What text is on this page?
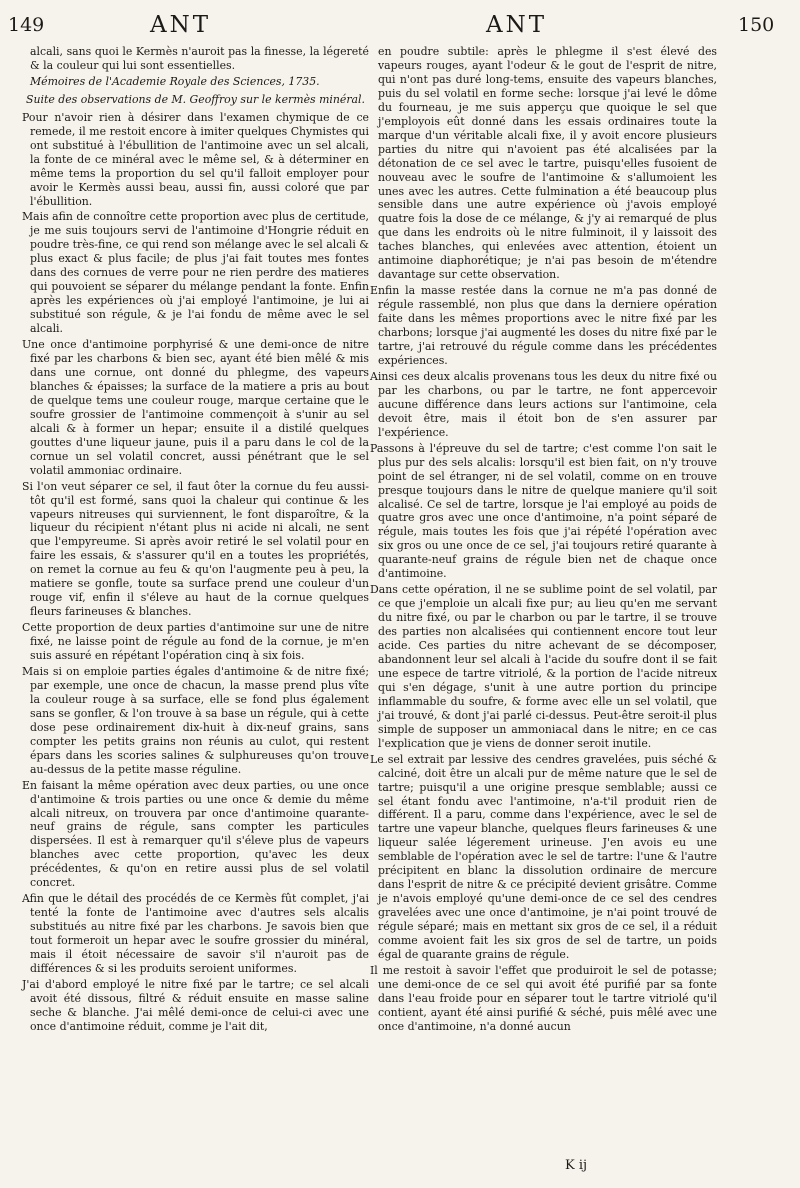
149	ANT	ANT	150

alcali, sans quoi le Kermès n'auroit pas la finesse, la légereté & la couleur qui lui sont essentielles.

Mémoires de l'Academie Royale des Sciences, 1735.

Suite des observations de M. Geoffroy sur le kermès minéral.

Pour n'avoir rien à désirer dans l'examen chymique de ce remede, il me restoit encore à imiter quelques Chymistes qui ont substitué à l'ébullition de l'antimoine avec un sel alcali, la fonte de ce minéral avec le même sel, & à déterminer en même tems la proportion du sel qu'il falloit employer pour avoir le Kermès aussi beau, aussi fin, aussi coloré que par l'ébullition.

Mais afin de connoître cette proportion avec plus de certitude, je me suis toujours servi de l'antimoine d'Hongrie réduit en poudre très-fine, ce qui rend son mélange avec le sel alcali & plus exact & plus facile; de plus j'ai fait toutes mes fontes dans des cornues de verre pour ne rien perdre des matieres qui pouvoient se séparer du mélange pendant la fonte. Enfin après les expériences où j'ai employé l'antimoine, je lui ai substitué son régule, & je l'ai fondu de même avec le sel alcali.

Une once d'antimoine porphyrisé & une demi-once de nitre fixé par les charbons & bien sec, ayant été bien mêlé & mis dans une cornue, ont donné du phlegme, des vapeurs blanches & épaisses; la surface de la matiere a pris au bout de quelque tems une couleur rouge, marque certaine que le soufre grossier de l'antimoine commençoit à s'unir au sel alcali & à former un hepar; ensuite il a distilé quelques gouttes d'une liqueur jaune, puis il a paru dans le col de la cornue un sel volatil concret, aussi pénétrant que le sel volatil ammoniac ordinaire.

Si l'on veut séparer ce sel, il faut ôter la cornue du feu aussi-tôt qu'il est formé, sans quoi la chaleur qui continue & les vapeurs nitreuses qui surviennent, le font disparoître, & la liqueur du récipient n'étant plus ni acide ni alcali, ne sent que l'empyreume. Si après avoir retiré le sel volatil pour en faire les essais, & s'assurer qu'il en a toutes les propriétés, on remet la cornue au feu & qu'on l'augmente peu à peu, la matiere se gonfle, toute sa surface prend une couleur d'un rouge vif, enfin il s'éleve au haut de la cornue quelques fleurs farineuses & blanches.

Cette proportion de deux parties d'antimoine sur une de nitre fixé, ne laisse point de régule au fond de la cornue, je m'en suis assuré en répétant l'opération cinq à six fois.

Mais si on emploie parties égales d'antimoine & de nitre fixé; par exemple, une once de chacun, la masse prend plus vîte la couleur rouge à sa surface, elle se fond plus également sans se gonfler, & l'on trouve à sa base un régule, qui à cette dose pese ordinairement dix-huit à dix-neuf grains, sans compter les petits grains non réunis au culot, qui restent épars dans les scories salines & sulphureuses qu'on trouve au-dessus de la petite masse réguline.

En faisant la même opération avec deux parties, ou une once d'antimoine & trois parties ou une once & demie du même alcali nitreux, on trouvera par once d'antimoine quarante-neuf grains de régule, sans compter les particules dispersées. Il est à remarquer qu'il s'éleve plus de vapeurs blanches avec cette proportion, qu'avec les deux précédentes, & qu'on en retire aussi plus de sel volatil concret.

Afin que le détail des procédés de ce Kermès fût complet, j'ai tenté la fonte de l'antimoine avec d'autres sels alcalis substitués au nitre fixé par les charbons. Je savois bien que tout formeroit un hepar avec le soufre grossier du minéral, mais il étoit nécessaire de savoir s'il n'auroit pas de différences & si les produits seroient uniformes.

J'ai d'abord employé le nitre fixé par le tartre; ce sel alcali avoit été dissous, filtré & réduit ensuite en masse saline seche & blanche. J'ai mêlé demi-once de celui-ci avec une once d'antimoine réduit, comme je l'ait dit,

en poudre subtile: après le phlegme il s'est élevé des vapeurs rouges, ayant l'odeur & le gout de l'esprit de nitre, qui n'ont pas duré long-tems, ensuite des vapeurs blanches, puis du sel volatil en forme seche: lorsque j'ai levé le dôme du fourneau, je me suis apperçu que quoique le sel que j'employois eût donné dans les essais ordinaires toute la marque d'un véritable alcali fixe, il y avoit encore plusieurs parties du nitre qui n'avoient pas été alcalisées par la détonation de ce sel avec le tartre, puisqu'elles fusoient de nouveau avec le soufre de l'antimoine & s'allumoient les unes avec les autres. Cette fulmination a été beaucoup plus sensible dans une autre expérience où j'avois employé quatre fois la dose de ce mélange, & j'y ai remarqué de plus que dans les endroits où le nitre fulminoit, il y laissoit des taches blanches, qui enlevées avec attention, étoient un antimoine diaphorétique; je n'ai pas besoin de m'étendre davantage sur cette observation.

Enfin la masse restée dans la cornue ne m'a pas donné de régule rassemblé, non plus que dans la derniere opération faite dans les mêmes proportions avec le nitre fixé par les charbons; lorsque j'ai augmenté les doses du nitre fixé par le tartre, j'ai retrouvé du régule comme dans les précédentes expériences.

Ainsi ces deux alcalis provenans tous les deux du nitre fixé ou par les charbons, ou par le tartre, ne font appercevoir aucune différence dans leurs actions sur l'antimoine, cela devoit être, mais il étoit bon de s'en assurer par l'expérience.

Passons à l'épreuve du sel de tartre; c'est comme l'on sait le plus pur des sels alcalis: lorsqu'il est bien fait, on n'y trouve point de sel étranger, ni de sel volatil, comme on en trouve presque toujours dans le nitre de quelque maniere qu'il soit alcalisé. Ce sel de tartre, lorsque je l'ai employé au poids de quatre gros avec une once d'antimoine, n'a point séparé de régule, mais toutes les fois que j'ai répété l'opération avec six gros ou une once de ce sel, j'ai toujours retiré quarante à quarante-neuf grains de régule bien net de chaque once d'antimoine.

Dans cette opération, il ne se sublime point de sel volatil, par ce que j'emploie un alcali fixe pur; au lieu qu'en me servant du nitre fixé, ou par le charbon ou par le tartre, il se trouve des parties non alcalisées qui contiennent encore tout leur acide. Ces parties du nitre achevant de se décomposer, abandonnent leur sel alcali à l'acide du soufre dont il se fait une espece de tartre vitriolé, & la portion de l'acide nitreux qui s'en dégage, s'unit à une autre portion du principe inflammable du soufre, & forme avec elle un sel volatil, que j'ai trouvé, & dont j'ai parlé ci-dessus. Peut-être seroit-il plus simple de supposer un ammoniacal dans le nitre; en ce cas l'explication que je viens de donner seroit inutile.

Le sel extrait par lessive des cendres gravelées, puis séché & calciné, doit être un alcali pur de même nature que le sel de tartre; puisqu'il a une origine presque semblable; aussi ce sel étant fondu avec l'antimoine, n'a-t'il produit rien de différent. Il a paru, comme dans l'expérience, avec le sel de tartre une vapeur blanche, quelques fleurs farineuses & une liqueur salée légerement urineuse. J'en avois eu une semblable de l'opération avec le sel de tartre: l'une & l'autre précipitent en blanc la dissolution ordinaire de mercure dans l'esprit de nitre & ce précipité devient grisâtre. Comme je n'avois employé qu'une demi-once de ce sel des cendres gravelées avec une once d'antimoine, je n'ai point trouvé de régule séparé; mais en mettant six gros de ce sel, il a réduit comme avoient fait les six gros de sel de tartre, un poids égal de quarante grains de régule.

Il me restoit à savoir l'effet que produiroit le sel de potasse; une demi-once de ce sel qui avoit été purifié par sa fonte dans l'eau froide pour en séparer tout le tartre vitriolé qu'il contient, ayant été ainsi purifié & séché, puis mêlé avec une once d'antimoine, n'a donné aucun

K ij
